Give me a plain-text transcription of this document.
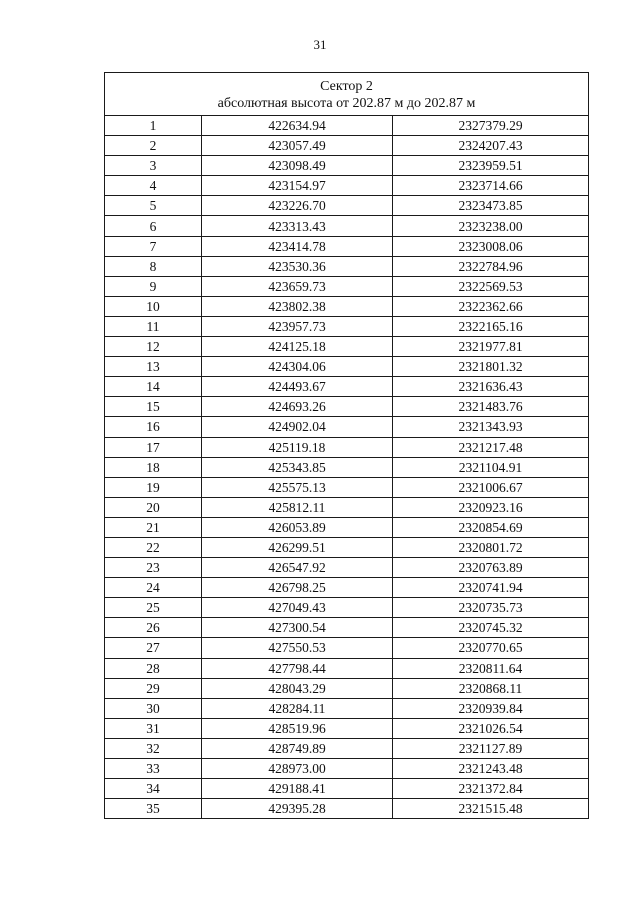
31
Сектор 2
абсолютная высота от 202.87 м до 202.87 м		

1	422634.94	2327379.29
2	423057.49	2324207.43
3	423098.49	2323959.51
4	423154.97	2323714.66
5	423226.70	2323473.85
6	423313.43	2323238.00
7	423414.78	2323008.06
8	423530.36	2322784.96
9	423659.73	2322569.53
10	423802.38	2322362.66
11	423957.73	2322165.16
12	424125.18	2321977.81
13	424304.06	2321801.32
14	424493.67	2321636.43
15	424693.26	2321483.76
16	424902.04	2321343.93
17	425119.18	2321217.48
18	425343.85	2321104.91
19	425575.13	2321006.67
20	425812.11	2320923.16
21	426053.89	2320854.69
22	426299.51	2320801.72
23	426547.92	2320763.89
24	426798.25	2320741.94
25	427049.43	2320735.73
26	427300.54	2320745.32
27	427550.53	2320770.65
28	427798.44	2320811.64
29	428043.29	2320868.11
30	428284.11	2320939.84
31	428519.96	2321026.54
32	428749.89	2321127.89
33	428973.00	2321243.48
34	429188.41	2321372.84
35	429395.28	2321515.48
